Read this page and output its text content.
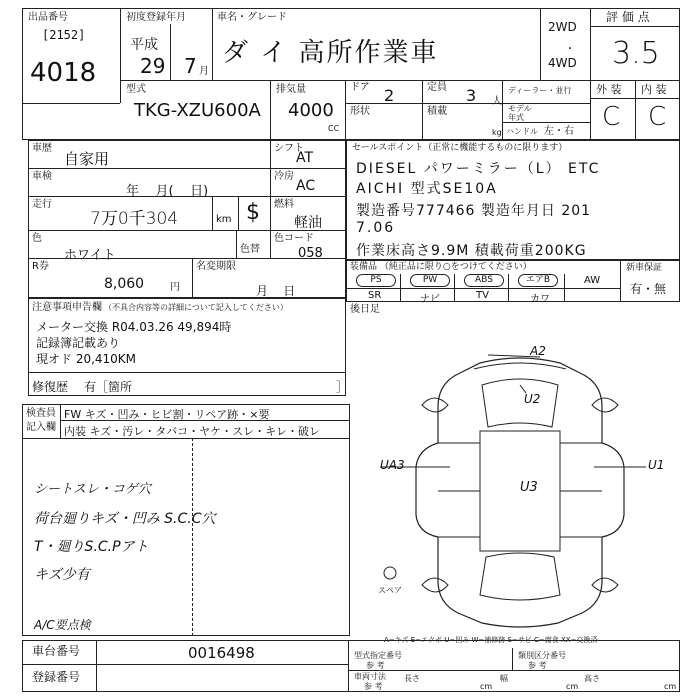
出品番号
[2152]
4018
初度登録年月
平成
29 7 月
車名・グレード
ダ イ 高所作業車
2WD
・
4WD
評 価 点
3.5
型式
TKG-XZU600A
排気量
4000
CC
ドア 2	定員 3 人
ディーラー・並行
形状	積載
kg
モデル
年式
ハンドル 左・右
外 装 内 装
C C
車歴
自家用
シフト
AT
車検
年    月(    日)
冷房
AC
走行
7万0千304	km $ 燃料
軽油
色
ホワイト	色替
色コード
058
R券
8,060	円
名変期限
月    日
セールスポイント（正常に機能するものに限ります）
DIESEL パワーミラー（L） ETC
AICHI 型式SE10A
製造番号777466 製造年月日 201
7.06
作業床高さ9.9M 積載荷重200KG
装備品 （純正品に限り○をつけてください）	新車保証
有・無
PS	PW	ABS	エアB	AW
SR	ナビ	TV	カワ
後日足
注意事項申告欄 （不具合内容等の詳細について記入してください）
メーター交換 R04.03.26 49,894時
記録簿記載あり
現オド 20,410KM
修復歴 有［箇所	］
検査員
記入欄
FW キズ・凹み・ヒビ割・リペア跡・×要
内装 キズ・汚レ・タバコ・ヤケ・スレ・キレ・破レ
シートスレ・コゲ穴
荷台廻りキズ・凹み S.C.C穴
T・廻りS.C.Pアト
キズ少有
A/C要点検
A2
U2
UA3	U1
U3
スペア
A−キズ E−エクボ U−凹み W−補修跡 S−サビ C−腐食 XX−交換済
車台番号	0016498
登録番号
型式指定番号
参 考
類別区分番号
参 考
車両寸法
参 考
長さ
cm
幅
cm
高さ
cm
